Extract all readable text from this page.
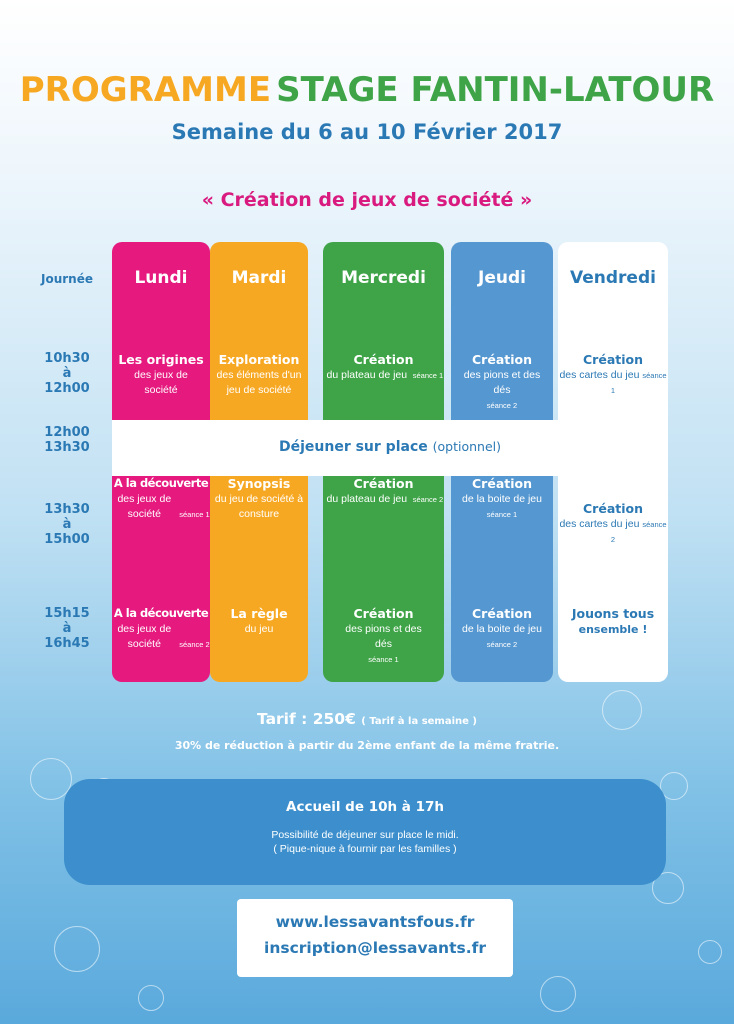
PROGRAMME STAGE FANTIN-LATOUR
Semaine du 6 au 10 Février 2017
« Création de jeux de société »
Journée
10h30
à
12h00
12h00
13h30
13h30
à
15h00
15h15
à
16h45
Lundi
Les origines
des jeux de société
A la découverte
des jeux de société séance 1
A la découverte
des jeux de société séance 2
Mardi
Exploration
des éléments d'un jeu de société
Synopsis
du jeu de société à consture
La règle
du jeu
Mercredi
Création
du plateau de jeu séance 1
Création
du plateau de jeu séance 2
Création
des pions et des dés séance 1
Jeudi
Création
des pions et des dés séance 2
Création
de la boite de jeu séance 1
Création
de la boite de jeu séance 2
Vendredi
Création
des cartes du jeu séance 1
Création
des cartes du jeu séance 2
Jouons tous
ensemble !
Déjeuner sur place (optionnel)
Tarif : 250€ ( Tarif à la semaine )
30% de réduction à partir du 2ème enfant de la même fratrie.
Accueil de 10h à 17h
Possibilité de déjeuner sur place le midi.
( Pique-nique à fournir par les familles )
www.lessavantsfous.fr
inscription@lessavants.fr
